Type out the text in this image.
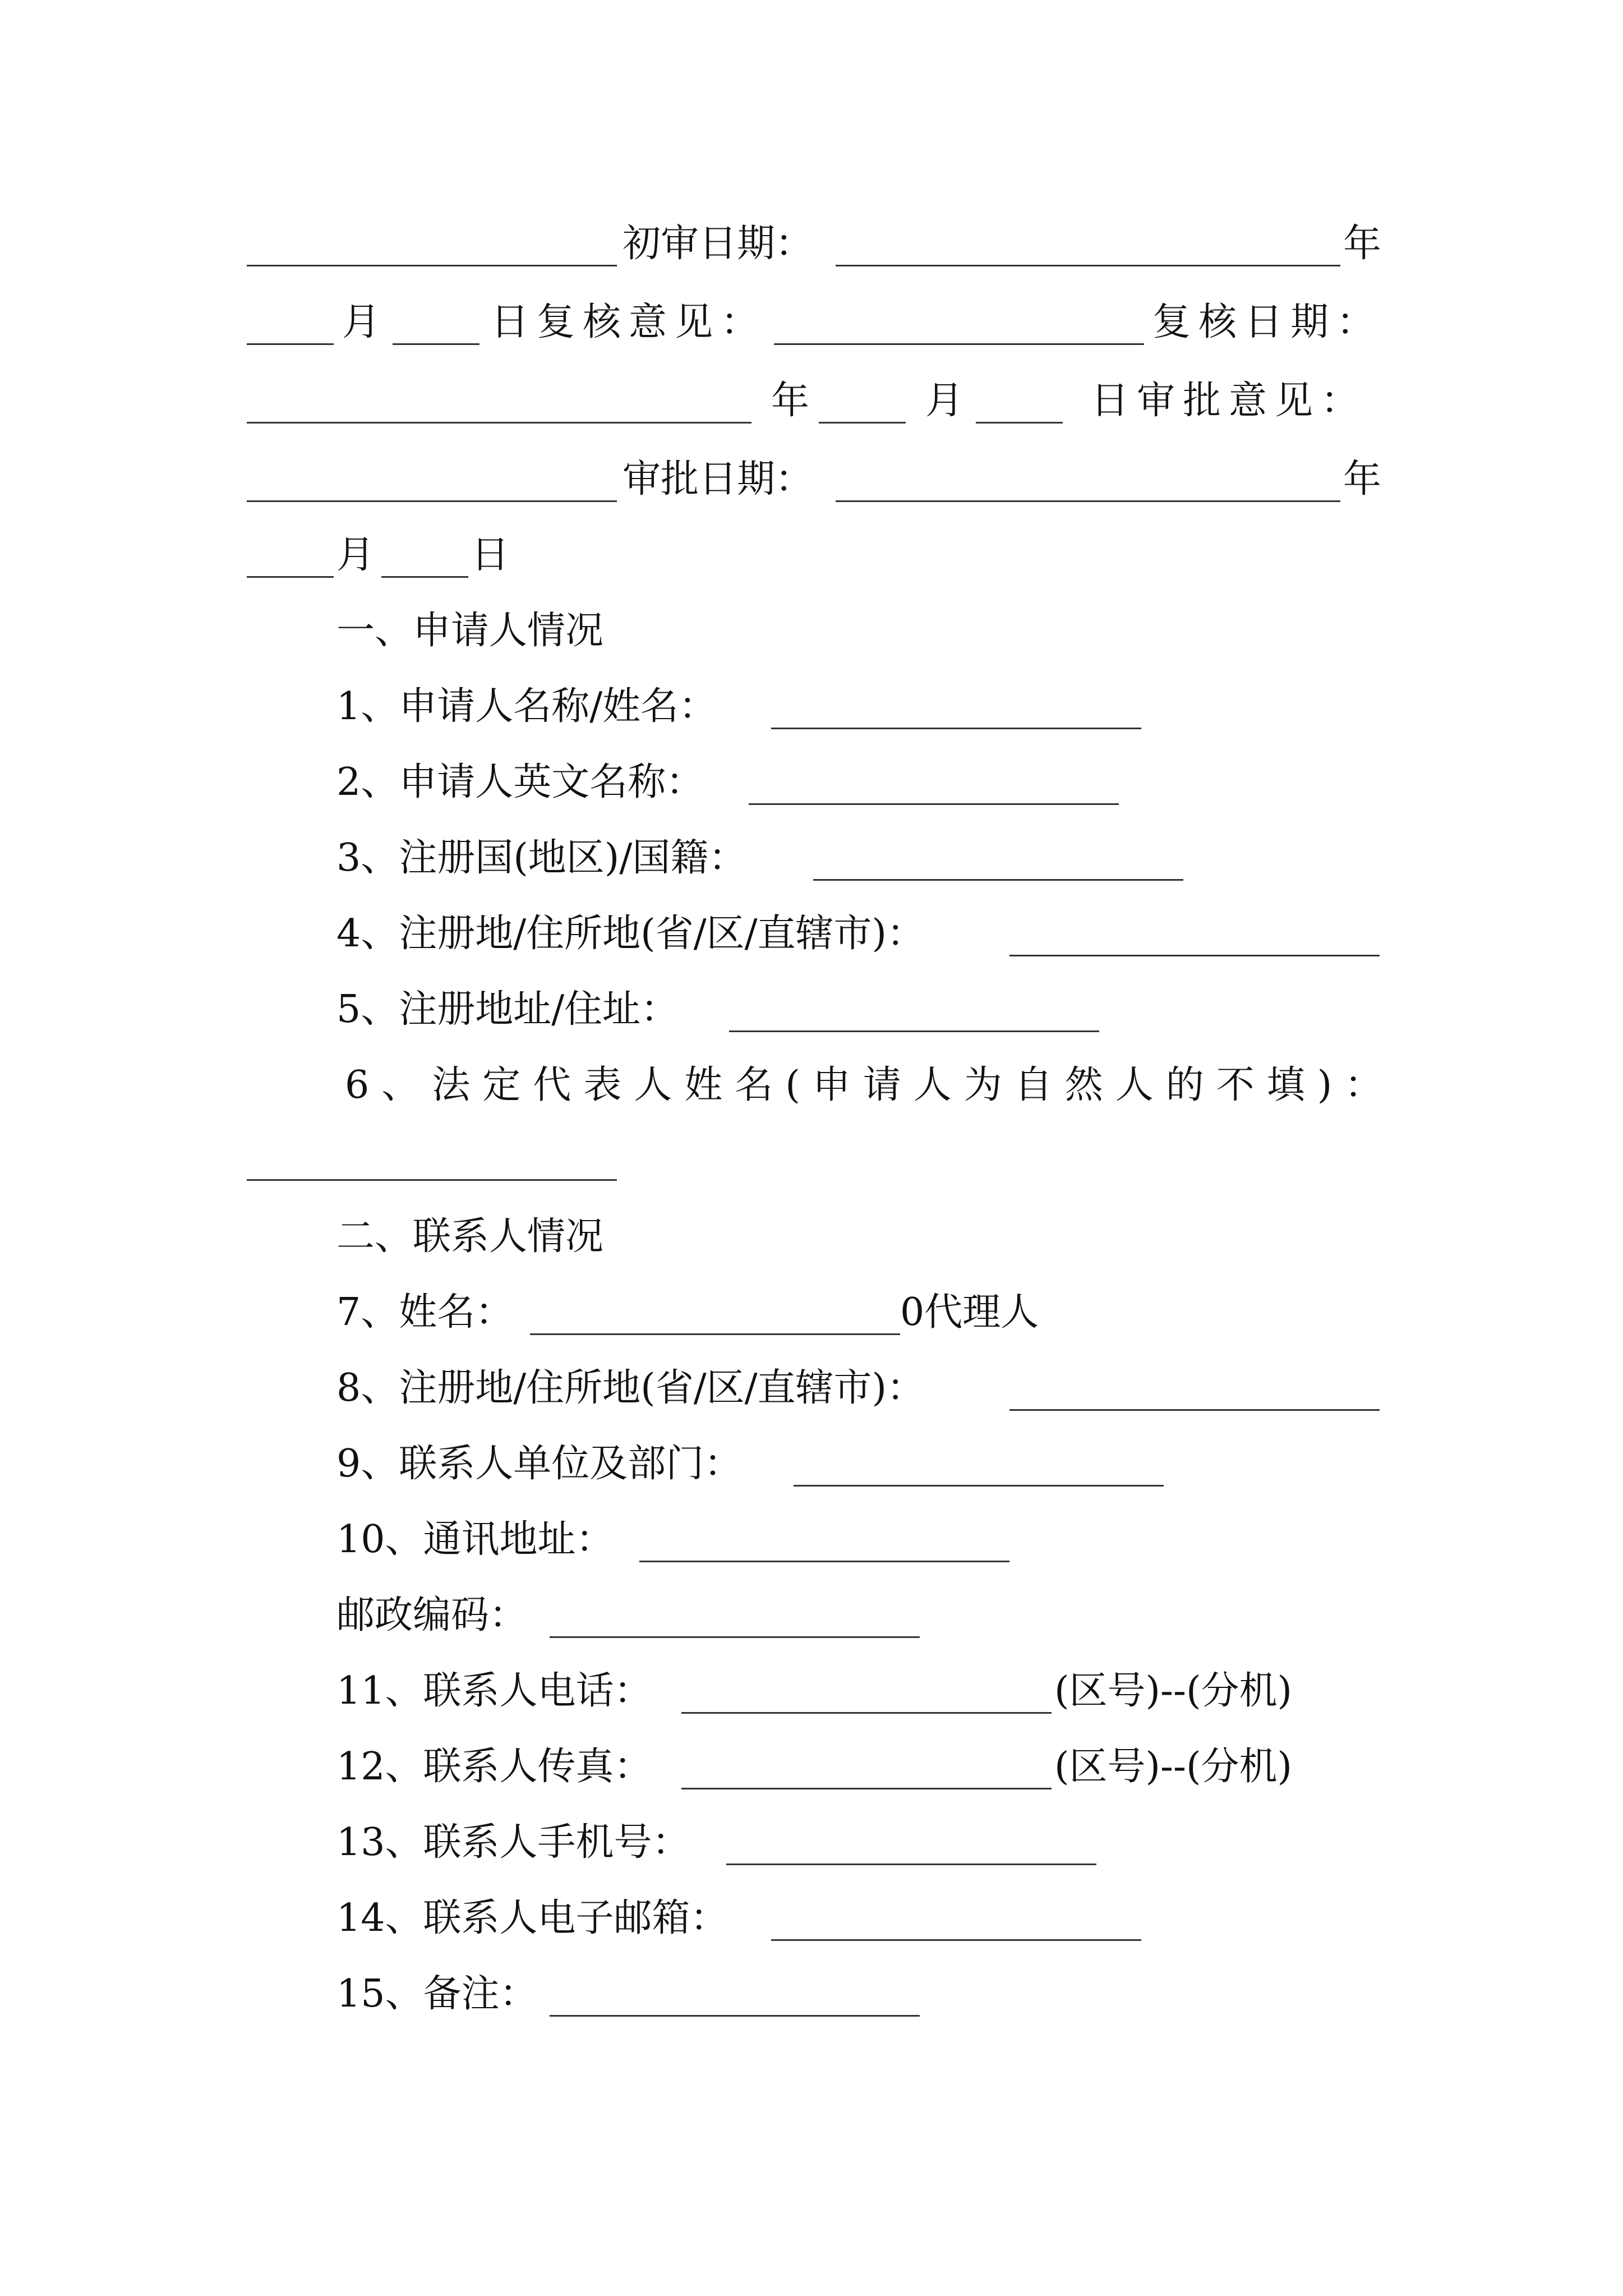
初审日期：	年
月	日复核意见：	复核日期：
年	月	日审批意见：
审批日期：	年
月	日
一、申请人情况
1、申请人名称/姓名：
2、申请人英文名称：
3、注册国(地区)/国籍：
4、注册地/住所地(省/区/直辖市)：
5、注册地址/住址：
6、法定代表人姓名(申请人为自然人的不填)：
二、联系人情况
7、姓名：	0代理人
8、注册地/住所地(省/区/直辖市)：
9、联系人单位及部门：
10、通讯地址：
邮政编码：
11、联系人电话：	(区号)--(分机)
12、联系人传真：	(区号)--(分机)
13、联系人手机号：
14、联系人电子邮箱：
15、备注：
